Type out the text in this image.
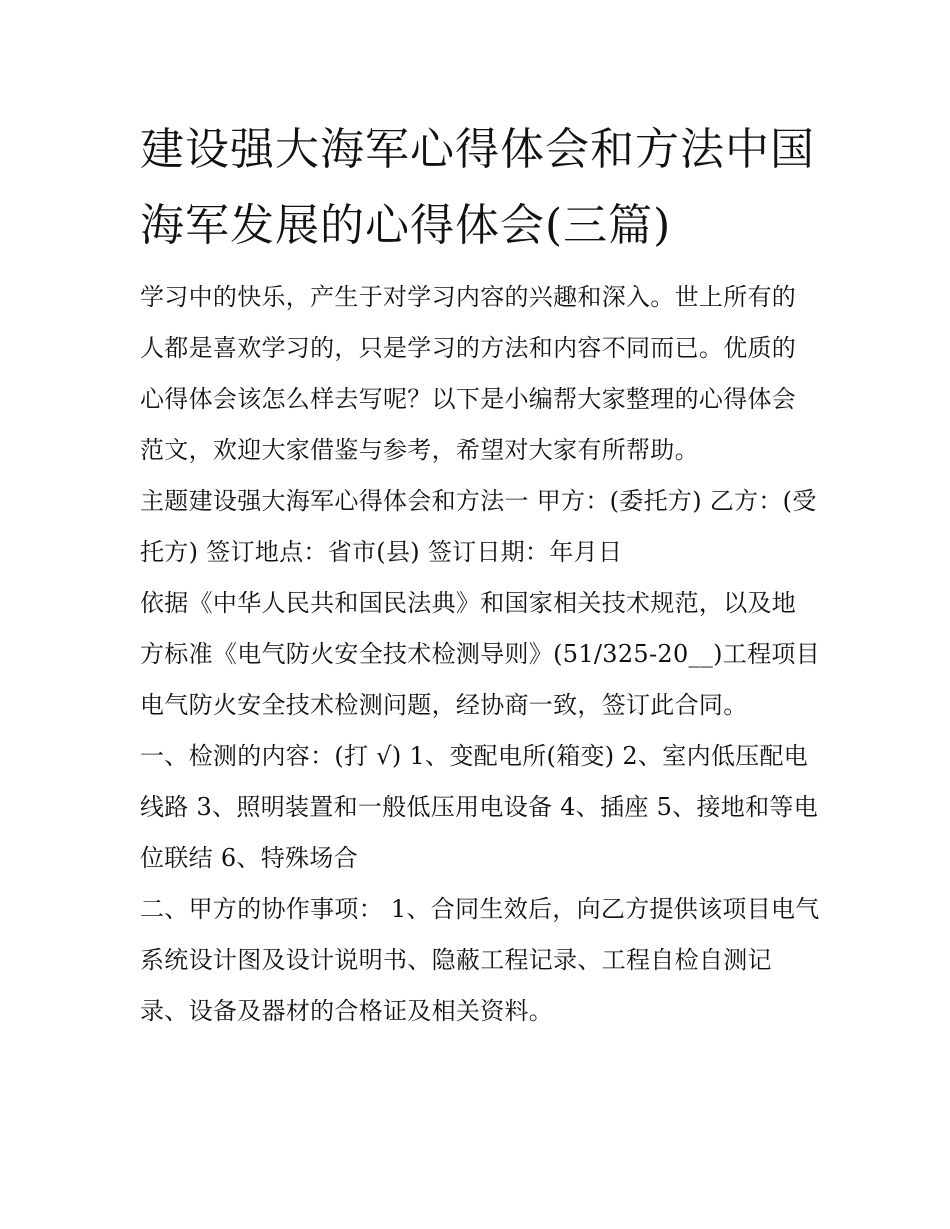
建设强大海军心得体会和方法中国海军发展的心得体会(三篇)

学习中的快乐，产生于对学习内容的兴趣和深入。世上所有的人都是喜欢学习的，只是学习的方法和内容不同而已。优质的心得体会该怎么样去写呢？以下是小编帮大家整理的心得体会范文，欢迎大家借鉴与参考，希望对大家有所帮助。

主题建设强大海军心得体会和方法一 甲方：(委托方) 乙方：(受托方) 签订地点：省市(县) 签订日期：年月日

依据《中华人民共和国民法典》和国家相关技术规范，以及地方标准《电气防火安全技术检测导则》(51/325-20__)工程项目电气防火安全技术检测问题，经协商一致，签订此合同。

一、检测的内容：(打 √) 1、变配电所(箱变) 2、室内低压配电线路 3、照明装置和一般低压用电设备 4、插座 5、接地和等电位联结 6、特殊场合

二、甲方的协作事项： 1、合同生效后，向乙方提供该项目电气系统设计图及设计说明书、隐蔽工程记录、工程自检自测记录、设备及器材的合格证及相关资料。
